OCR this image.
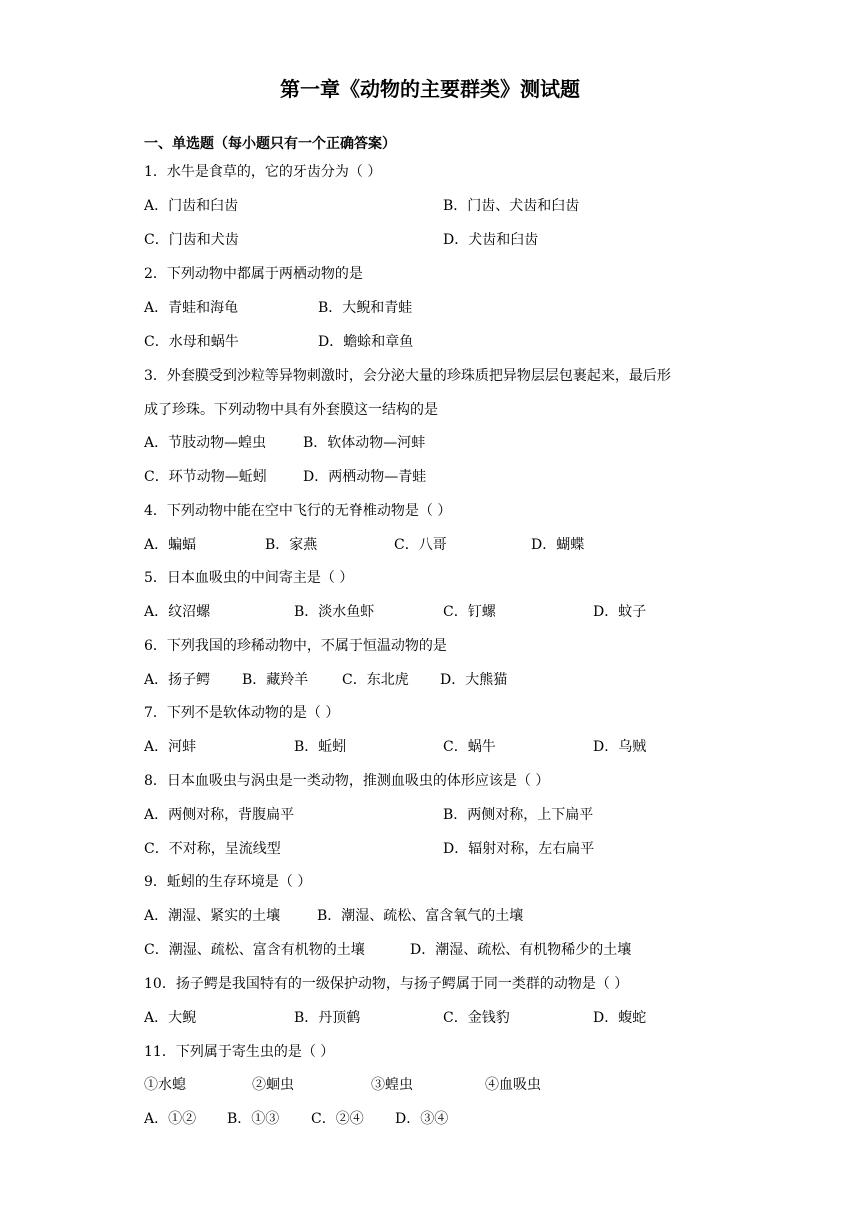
第一章《动物的主要群类》测试题
一、单选题（每小题只有一个正确答案）
1．水牛是食草的，它的牙齿分为（ ）
A．门齿和臼齿	B．门齿、犬齿和臼齿
C．门齿和犬齿	D．犬齿和臼齿
2．下列动物中都属于两栖动物的是
A．青蛙和海龟	B．大鲵和青蛙
C．水母和蜗牛	D．蟾蜍和章鱼
3．外套膜受到沙粒等异物刺激时，会分泌大量的珍珠质把异物层层包裹起来，最后形
成了珍珠。下列动物中具有外套膜这一结构的是
A．节肢动物—蝗虫	B．软体动物—河蚌
C．环节动物—蚯蚓	D．两栖动物—青蛙
4．下列动物中能在空中飞行的无脊椎动物是（ ）
A．蝙蝠	B．家燕	C．八哥	D．蝴蝶
5．日本血吸虫的中间寄主是（ ）
A．纹沼螺	B．淡水鱼虾	C．钉螺	D．蚊子
6．下列我国的珍稀动物中，不属于恒温动物的是
A．扬子鳄 B．藏羚羊 C．东北虎 D．大熊猫
7．下列不是软体动物的是（ ）
A．河蚌	B．蚯蚓	C．蜗牛	D．乌贼
8．日本血吸虫与涡虫是一类动物，推测血吸虫的体形应该是（ ）
A．两侧对称，背腹扁平	B．两侧对称，上下扁平
C．不对称，呈流线型	D．辐射对称，左右扁平
9．蚯蚓的生存环境是（ ）
A．潮湿、紧实的土壤	B．潮湿、疏松、富含氧气的土壤
C．潮湿、疏松、富含有机物的土壤	D．潮湿、疏松、有机物稀少的土壤
10．扬子鳄是我国特有的一级保护动物，与扬子鳄属于同一类群的动物是（ ）
A．大鲵	B．丹顶鹤	C．金钱豹	D．蝮蛇
11．下列属于寄生虫的是（ ）
①水螅	②蛔虫	③蝗虫	④血吸虫
A．①② B．①③ C．②④ D．③④
